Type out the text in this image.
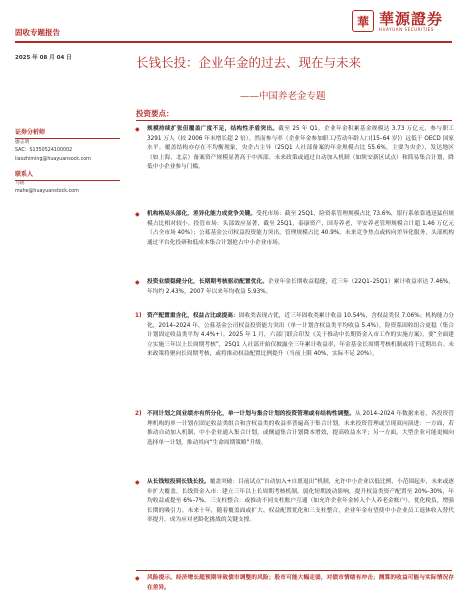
固收专题报告
華 華源證券
HUAYUAN SECURITIES
2025 年 08 月 04 日	长钱长投：企业年金的过去、现在与未来
——中国养老金专题
证券分析师
廖志明
SAC：S1350524100002
liaozhiming@huayuansock.com
联系人
马铭
mahe@huayuanstock.com
投资要点：
◆	规模持续扩张但覆盖广度不足，结构性矛盾突出。截至 25 年 Q1，企业年金积累基金规模达 3.73 万亿元，参与职工 3291 万人（较 2006 年末增长超 2 倍）。然而参与率（企业年金参加职工/劳动年龄人口(15–64 岁)）远低于 OECD 国家水平。覆盖结构亦存在不均衡现象，央企占主导（25Q1 人社部备案的年金规模占比 55.6%，主要为央企），发达地区（如上海、北京）备案资产规模显著高于中西部。未来政策或通过自动加入机制（如陕安新区试点）和简易集合计划，降低中小企业参与门槛。
◆	机构格局头部化，差异化能力成竞争关键。受托市场：截至 25Q1，险资系管理规模占比 73.6%，银行系依靠逃迅猛但规模占比相对较小。投管市场：头部效应显著，截至 25Q1，泰康资产、国寿养老、平安养老管理规模合计超 1.46 万亿元（占全市场 40%）；公募基金公司权益投资能力突出，管理规模占比 40.9%。未来竞争焦点或转向差异化服务，头部机构通过平台化投研和低成本集合计划抢占中小企业市场。
◆	投资业绩稳健分化，长期期考核驱动配置优化。企业年金长期收益稳健，近三年（22Q1–25Q1）累计收益率达 7.46%，年均约 2.43%，2007 年以来年均收益 5.93%。
1) 资产配置重含化，权益占比或提高：固收类表现占优，近三年固收类累计收益 10.54%，含权益类仅 7.06%；机构能力分化，2014–2024 年，公募基金公司权益投资能力突出（单一计划含权益类平均收益 5.4%），险资系固收组合更稳（集合计划固定收益类平均 4.4%+）。2025 年 1 月，六部门联合印发《关于推动中长期资金入市工作的实施方案》，要“全面建立实施三年以上长周期考核”，25Q1 人社部开始仅披露全三年累计收益率，年金基金长周期考核机制或将于近期出台。未来政策将聚向长周期考核，或将推动权益配置比例提升（当前上限 40%，实际不足 20%）。
2) 不同计划之间业绩亦有所分化，单一计划与集合计划的投资管理或有结构性调整。从 2014–2024 年数据来看，各投资管理机构的单一计划在固定收益类组合和含权益类的收益率普遍高于集合计划。未来投资管理或呈现双向演进：一方面，若推动自动加入机制，中小企业通入集合计划，或侧逼集合计划降本增效，提高收益水平；另一方面，大型企业可能更倾向选择单一计划，推动其向“生命周期策略”升级。
◆	从长钱短投到长钱长投。覆盖突破：目前试点“自动加入+自愿退出”机制，允许中小企业以低比例、小范围起步，未来或逐步扩大覆盖。长线资金入市：建立三年以上长周期考核机制，弱化短期波动影响，提升权益类资产配置至 20%–30%，年均收益或提至 6%–7%。三支柱整合：或推动不同支柱账户互通（如允许企业年金转入个人养老金账户），优化税负，增强长期的吸引力。未来十年，随着覆盖面或扩大、权益配置优化和三支柱整合，企业年金有望使中小企业员工退休收入替代率提升，成为应对老龄化挑战的关键支撑。
◆	风险提示。经济增长超预期导致债市调整的风险；股市可能大幅走弱，对债市情绪有冲击；测算的收益可能与实际情况存在差异。
